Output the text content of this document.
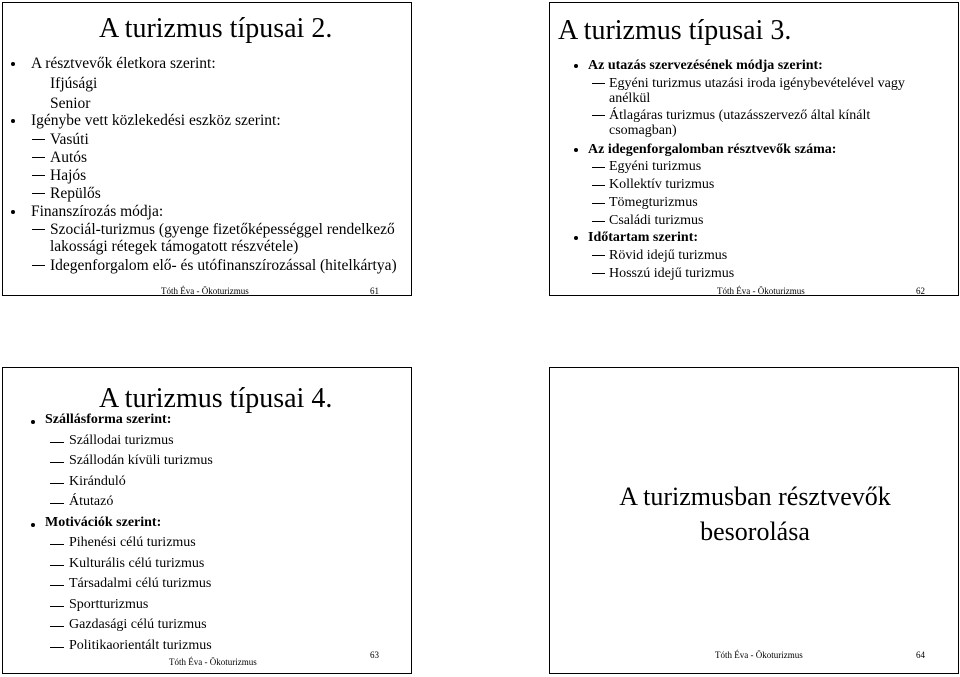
A turizmus típusai 2.
A résztvevők életkora szerint:
Ifjúsági
Senior
Igénybe vett közlekedési eszköz szerint:
Vasúti
Autós
Hajós
Repülős
Finanszírozás módja:
Szociál-turizmus (gyenge fizetőképességgel rendelkező
lakossági rétegek támogatott részvétele)
Idegenforgalom elő- és utófinanszírozással (hitelkártya)
Tóth Éva - Ökoturizmus	61
A turizmus típusai 3.
Az utazás szervezésének módja szerint:
Egyéni turizmus utazási iroda igénybevételével vagy
anélkül
Átlagáras turizmus (utazásszervező által kínált
csomagban)
Az idegenforgalomban résztvevők száma:
Egyéni turizmus
Kollektív turizmus
Tömegturizmus
Családi turizmus
Időtartam szerint:
Rövid idejű turizmus
Hosszú idejű turizmus
Tóth Éva - Ökoturizmus	62
A turizmus típusai 4.
Szállásforma szerint:
Szállodai turizmus
Szállodán kívüli turizmus
Kiránduló
Átutazó
Motivációk szerint:
Pihenési célú turizmus
Kulturális célú turizmus
Társadalmi célú turizmus
Sportturizmus
Gazdasági célú turizmus
Politikaorientált turizmus
Tóth Éva - Ökoturizmus
63
A turizmusban résztvevők
besorolása
Tóth Éva - Ökoturizmus	64
